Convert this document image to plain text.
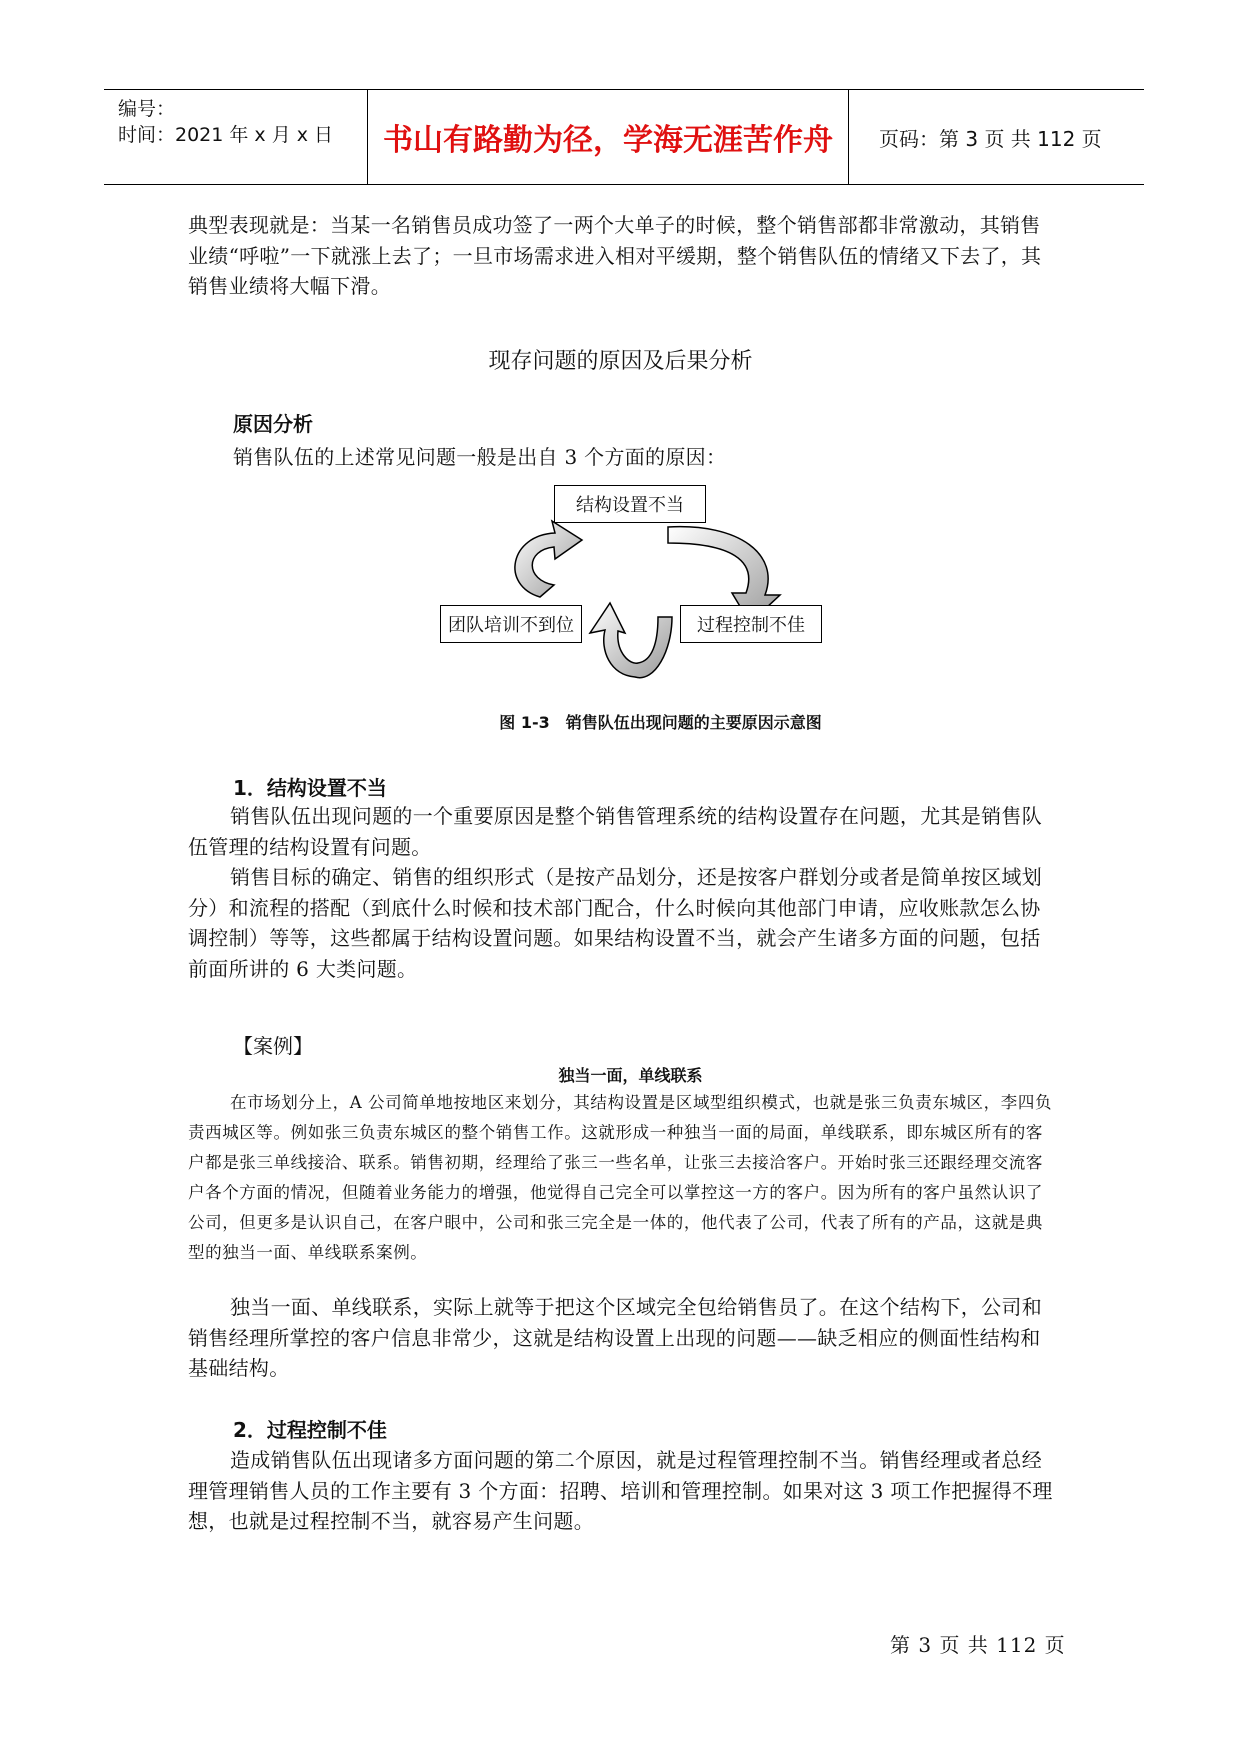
编号：
时间：2021 年 x 月 x 日	书山有路勤为径，学海无涯苦作舟	页码：第 3 页 共 112 页
典型表现就是：当某一名销售员成功签了一两个大单子的时候，整个销售部都非常激动，其销售业绩“呼啦”一下就涨上去了；一旦市场需求进入相对平缓期，整个销售队伍的情绪又下去了，其销售业绩将大幅下滑。
现存问题的原因及后果分析
原因分析
销售队伍的上述常见问题一般是出自 3 个方面的原因：
结构设置不当
团队培训不到位	过程控制不佳
图 1-3　销售队伍出现问题的主要原因示意图
1．结构设置不当
销售队伍出现问题的一个重要原因是整个销售管理系统的结构设置存在问题，尤其是销售队伍管理的结构设置有问题。
销售目标的确定、销售的组织形式（是按产品划分，还是按客户群划分或者是简单按区域划分）和流程的搭配（到底什么时候和技术部门配合，什么时候向其他部门申请，应收账款怎么协调控制）等等，这些都属于结构设置问题。如果结构设置不当，就会产生诸多方面的问题，包括前面所讲的 6 大类问题。
【案例】
独当一面，单线联系
在市场划分上，A 公司简单地按地区来划分，其结构设置是区域型组织模式，也就是张三负责东城区，李四负责西城区等。例如张三负责东城区的整个销售工作。这就形成一种独当一面的局面，单线联系，即东城区所有的客户都是张三单线接洽、联系。销售初期，经理给了张三一些名单，让张三去接洽客户。开始时张三还跟经理交流客户各个方面的情况，但随着业务能力的增强，他觉得自己完全可以掌控这一方的客户。因为所有的客户虽然认识了公司，但更多是认识自己，在客户眼中，公司和张三完全是一体的，他代表了公司，代表了所有的产品，这就是典型的独当一面、单线联系案例。
独当一面、单线联系，实际上就等于把这个区域完全包给销售员了。在这个结构下，公司和销售经理所掌控的客户信息非常少，这就是结构设置上出现的问题——缺乏相应的侧面性结构和基础结构。
2．过程控制不佳
造成销售队伍出现诸多方面问题的第二个原因，就是过程管理控制不当。销售经理或者总经理管理销售人员的工作主要有 3 个方面：招聘、培训和管理控制。如果对这 3 项工作把握得不理想，也就是过程控制不当，就容易产生问题。
第 3 页 共 112 页
